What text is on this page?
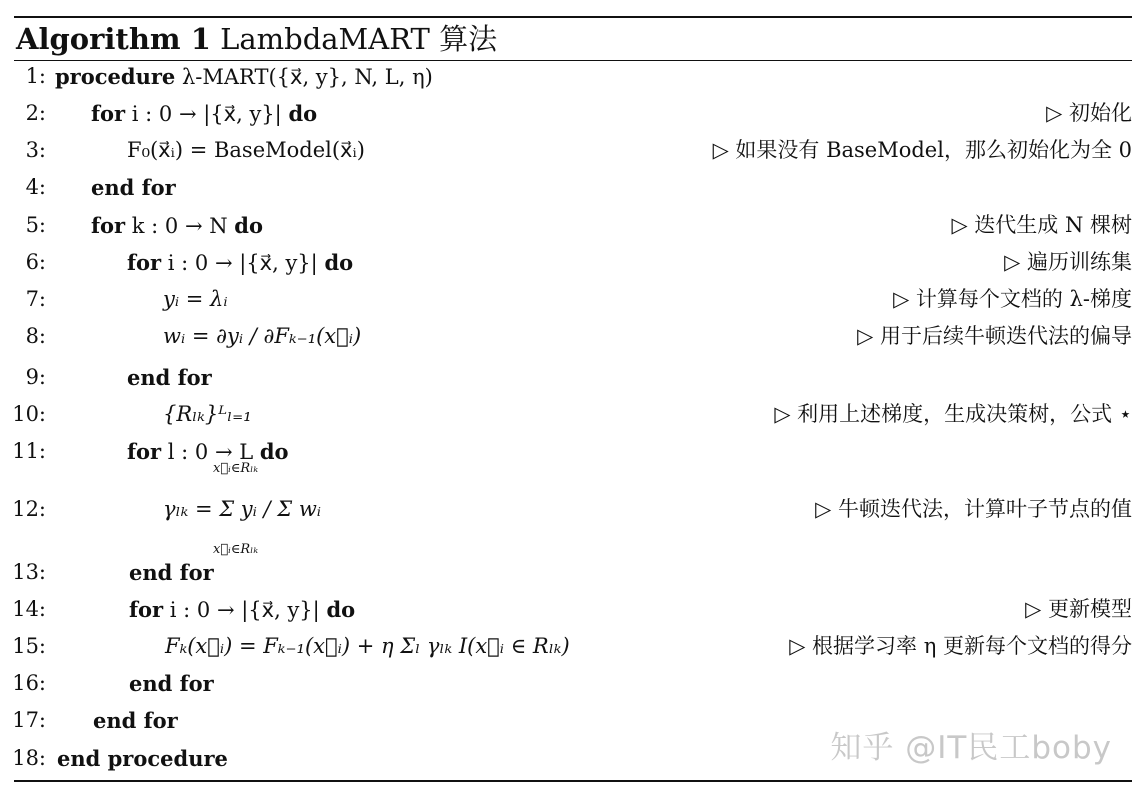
Algorithm 1 LambdaMART 算法
1: procedure λ-MART({x⃗, y}, N, L, η)
2: for i : 0 → |{x⃗, y}| do	▷ 初始化
3:	F₀(x⃗ᵢ) = BaseModel(x⃗ᵢ)	▷ 如果没有 BaseModel，那么初始化为全 0
4: end for
5: for k : 0 → N do	▷ 迭代生成 N 棵树
6:	for i : 0 → |{x⃗, y}| do	▷ 遍历训练集
7:	yᵢ = λᵢ	▷ 计算每个文档的 λ-梯度
8:	wᵢ = ∂yᵢ / ∂Fₖ₋₁(x⃗ᵢ)	▷ 用于后续牛顿迭代法的偏导
9:	end for
10:	{Rₗₖ}ᴸₗ₌₁	▷ 利用上述梯度，生成决策树，公式 ⋆
11:	for l : 0 → L do
12:	γₗₖ = Σ yᵢ / Σ wᵢ	▷ 牛顿迭代法，计算叶子节点的值
x⃗ᵢ∈Rₗₖ
x⃗ᵢ∈Rₗₖ
13:	end for
14:	for i : 0 → |{x⃗, y}| do	▷ 更新模型
15:	Fₖ(x⃗ᵢ) = Fₖ₋₁(x⃗ᵢ) + η Σₗ γₗₖ I(x⃗ᵢ ∈ Rₗₖ)	▷ 根据学习率 η 更新每个文档的得分
16:	end for
17: end for
18: end procedure	知乎 @IT民工boby
